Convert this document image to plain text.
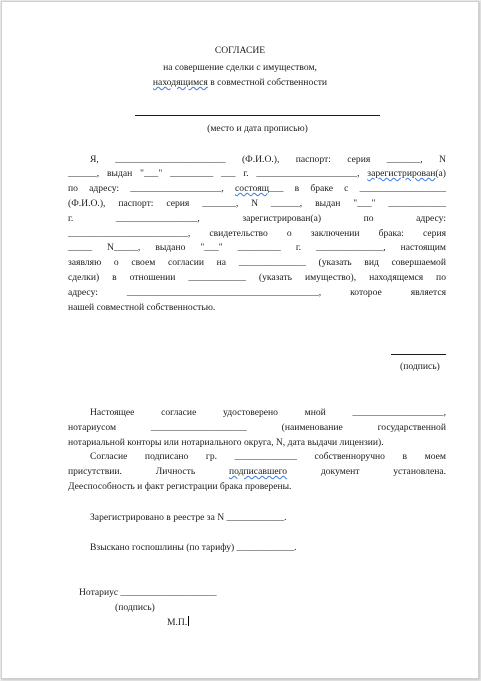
СОГЛАСИЕ
на совершение сделки с имуществом,
находящимся в совместной собственности
(место и дата прописью)
Я, _______________________ (Ф.И.О.), паспорт: серия _______, N
______, выдан "___" _________ ___ г. _____________________, зарегистрирован(а)
по адресу: ___________________, состоящ___ в браке с __________________
(Ф.И.О.), паспорт: серия _______, N ______, выдан "___" ____________
г. _________________, зарегистрирован(а) по адресу:
_________________________, свидетельство о заключении брака: серия
_____ N_____, выдано "___" _________ г. ______________, настоящим
заявляю о своем согласии на ______________ (указать вид совершаемой
сделки) в отношении ____________ (указать имущество), находящемся по
адресу: ________________________________________, которое является
нашей совместной собственностью.
(подпись)
Настоящее согласие удостоверено мной ___________________,
нотариусом ____________________ (наименование государственной
нотариальной конторы или нотариального округа, N, дата выдачи лицензии).
Согласие подписано гр. _____________ собственноручно в моем
присутствии. Личность подписавшего документ установлена.
Дееспособность и факт регистрации брака проверены.
Зарегистрировано в реестре за N ____________.
Взыскано госпошлины (по тарифу) ____________.
Нотариус ____________________
(подпись)
М.П.
